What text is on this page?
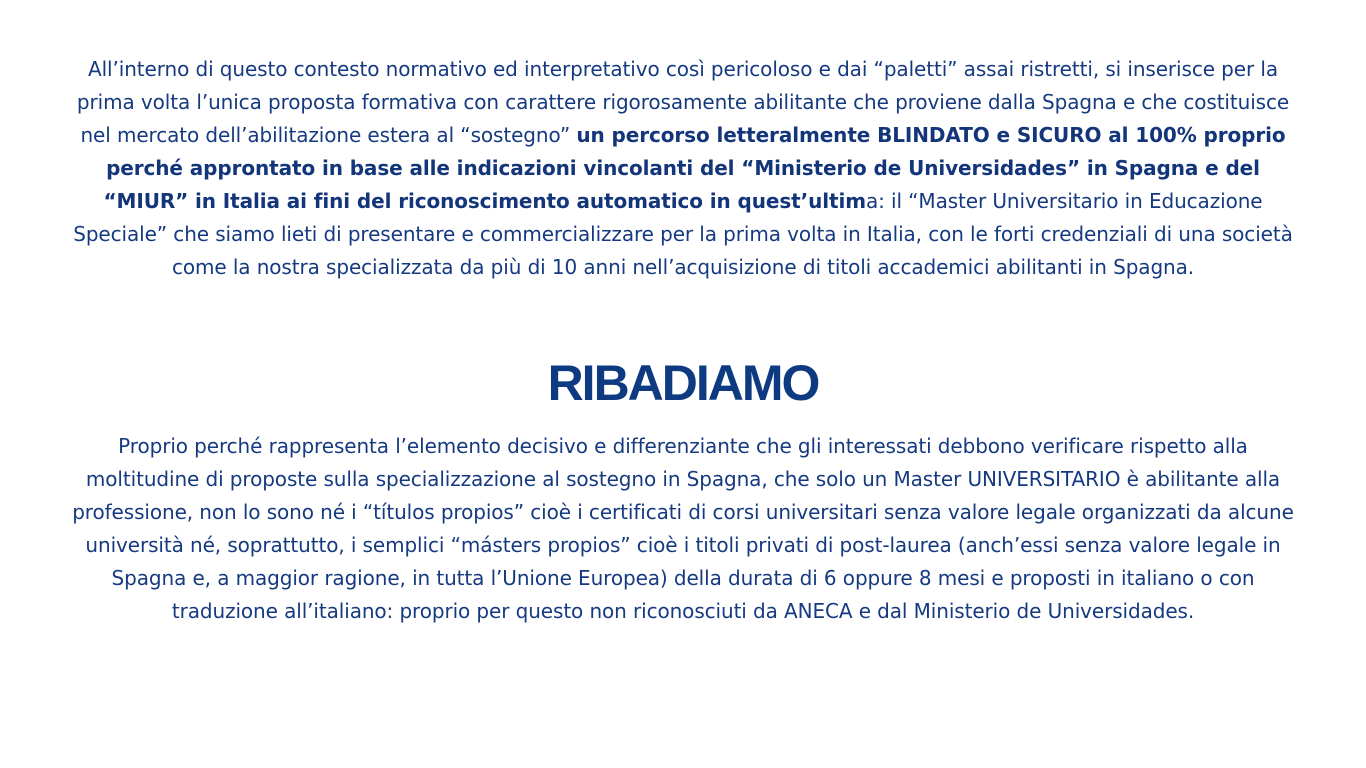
All’interno di questo contesto normativo ed interpretativo così pericoloso e dai “paletti” assai ristretti, si inserisce per la prima volta l’unica proposta formativa con carattere rigorosamente abilitante che proviene dalla Spagna e che costituisce nel mercato dell’abilitazione estera al “sostegno” un percorso letteralmente BLINDATO e SICURO al 100% proprio perché approntato in base alle indicazioni vincolanti del “Ministerio de Universidades” in Spagna e del “MIUR” in Italia ai fini del riconoscimento automatico in quest’ultima: il “Master Universitario in Educazione Speciale” che siamo lieti di presentare e commercializzare per la prima volta in Italia, con le forti credenziali di una società come la nostra specializzata da più di 10 anni nell’acquisizione di titoli accademici abilitanti in Spagna.

RIBADIAMO

Proprio perché rappresenta l’elemento decisivo e differenziante che gli interessati debbono verificare rispetto alla moltitudine di proposte sulla specializzazione al sostegno in Spagna, che solo un Master UNIVERSITARIO è abilitante alla professione, non lo sono né i “títulos propios” cioè i certificati di corsi universitari senza valore legale organizzati da alcune università né, soprattutto, i semplici “másters propios” cioè i titoli privati di post-laurea (anch’essi senza valore legale in Spagna e, a maggior ragione, in tutta l’Unione Europea) della durata di 6 oppure 8 mesi e proposti in italiano o con traduzione all’italiano: proprio per questo non riconosciuti da ANECA e dal Ministerio de Universidades.
